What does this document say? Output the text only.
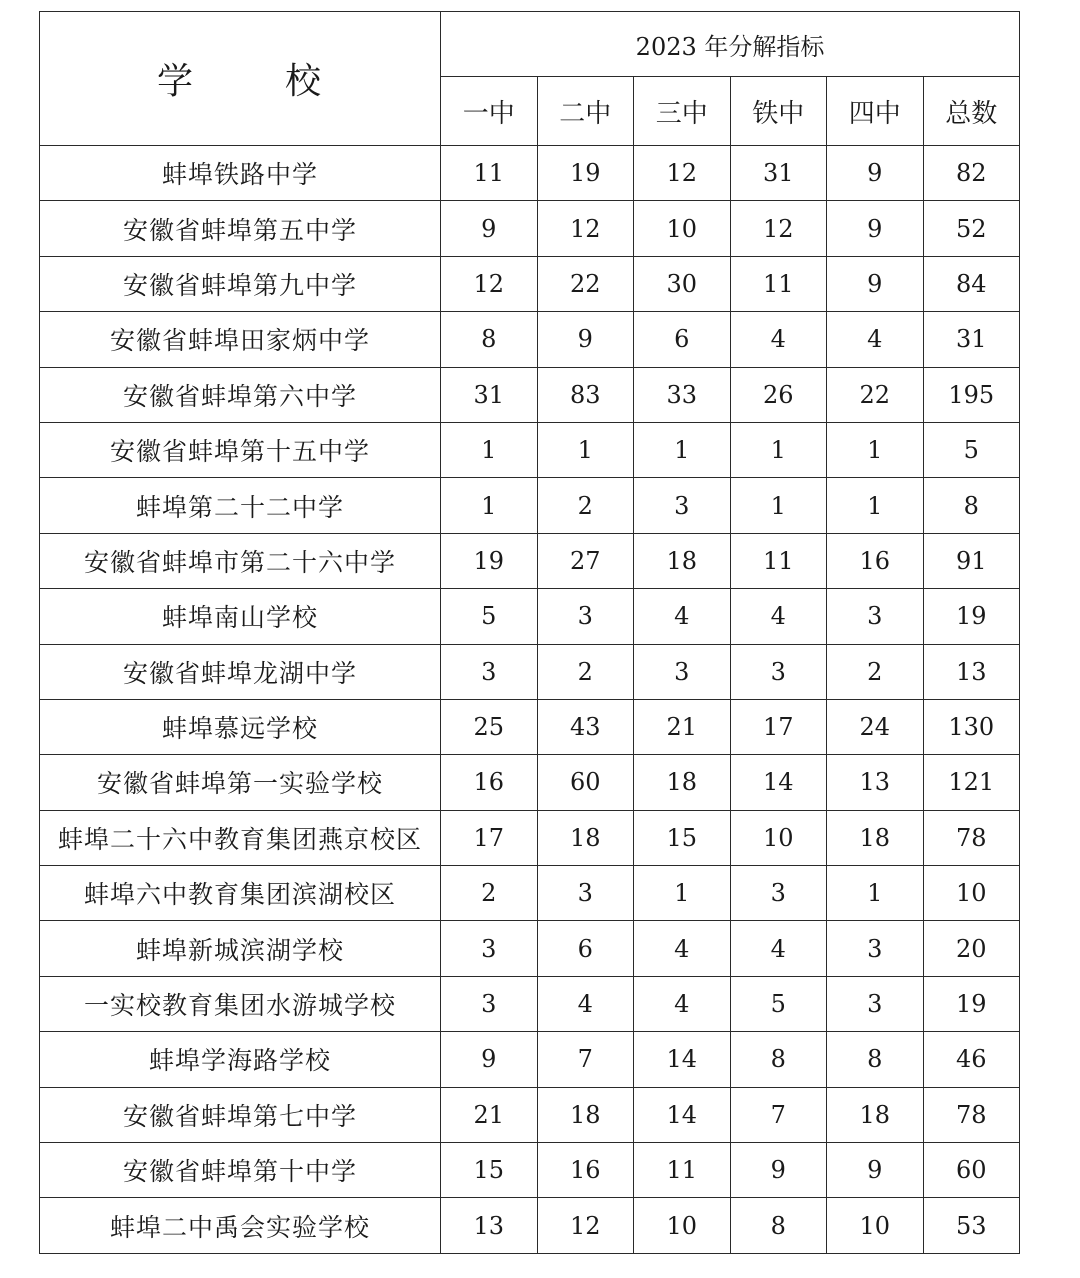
学 校	2023 年分解指标					
	一中	二中	三中	铁中	四中	总数
蚌埠铁路中学	11	19	12	31	9	82
安徽省蚌埠第五中学	9	12	10	12	9	52
安徽省蚌埠第九中学	12	22	30	11	9	84
安徽省蚌埠田家炳中学	8	9	6	4	4	31
安徽省蚌埠第六中学	31	83	33	26	22	195
安徽省蚌埠第十五中学	1	1	1	1	1	5
蚌埠第二十二中学	1	2	3	1	1	8
安徽省蚌埠市第二十六中学	19	27	18	11	16	91
蚌埠南山学校	5	3	4	4	3	19
安徽省蚌埠龙湖中学	3	2	3	3	2	13
蚌埠慕远学校	25	43	21	17	24	130
安徽省蚌埠第一实验学校	16	60	18	14	13	121
蚌埠二十六中教育集团燕京校区	17	18	15	10	18	78
蚌埠六中教育集团滨湖校区	2	3	1	3	1	10
蚌埠新城滨湖学校	3	6	4	4	3	20
一实校教育集团水游城学校	3	4	4	5	3	19
蚌埠学海路学校	9	7	14	8	8	46
安徽省蚌埠第七中学	21	18	14	7	18	78
安徽省蚌埠第十中学	15	16	11	9	9	60
蚌埠二中禹会实验学校	13	12	10	8	10	53
